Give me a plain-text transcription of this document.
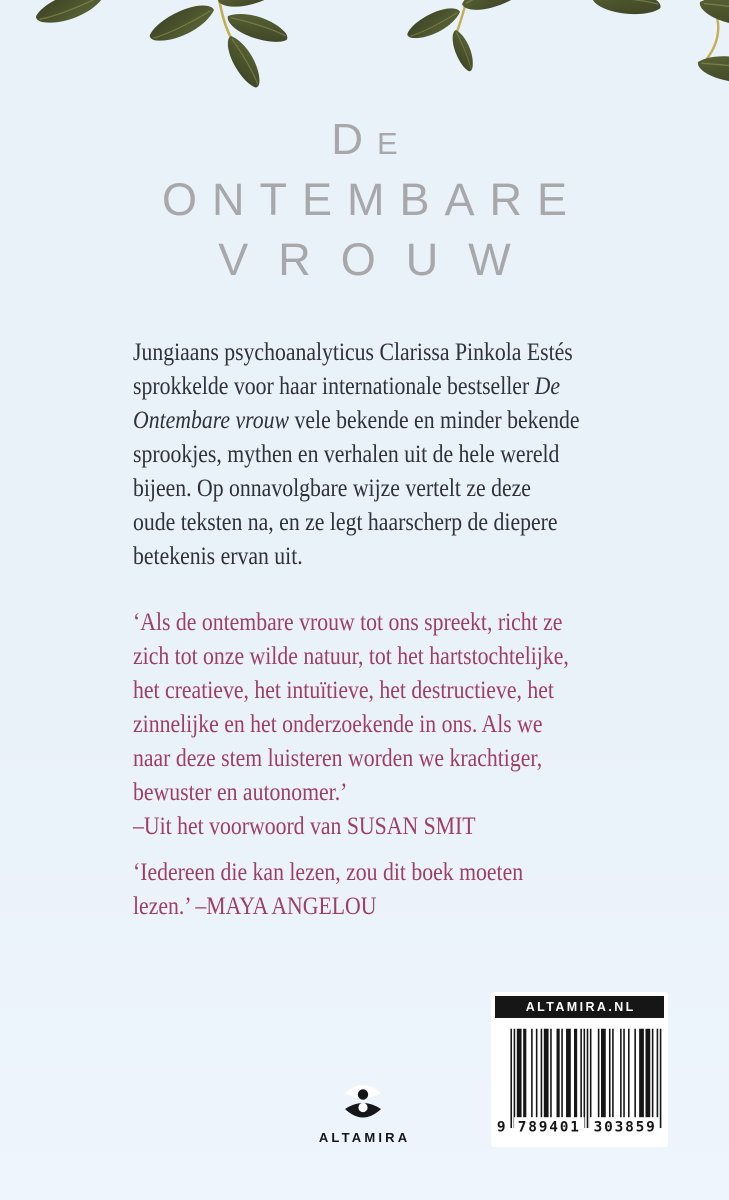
De
ONTEMBARE
VROUW
Jungiaans psychoanalyticus Clarissa Pinkola Estés
sprokkelde voor haar internationale bestseller De
Ontembare vrouw vele bekende en minder bekende
sprookjes, mythen en verhalen uit de hele wereld
bijeen. Op onnavolgbare wijze vertelt ze deze
oude teksten na, en ze legt haarscherp de diepere
betekenis ervan uit.
‘Als de ontembare vrouw tot ons spreekt, richt ze
zich tot onze wilde natuur, tot het hartstochtelijke,
het creatieve, het intuïtieve, het destructieve, het
zinnelijke en het onderzoekende in ons. Als we
naar deze stem luisteren worden we krachtiger,
bewuster en autonomer.’
–Uit het voorwoord van SUSAN SMIT
‘Iedereen die kan lezen, zou dit boek moeten
lezen.’ –MAYA ANGELOU
ALTAMIRA
ALTAMIRA.NL
9 789401 303859
